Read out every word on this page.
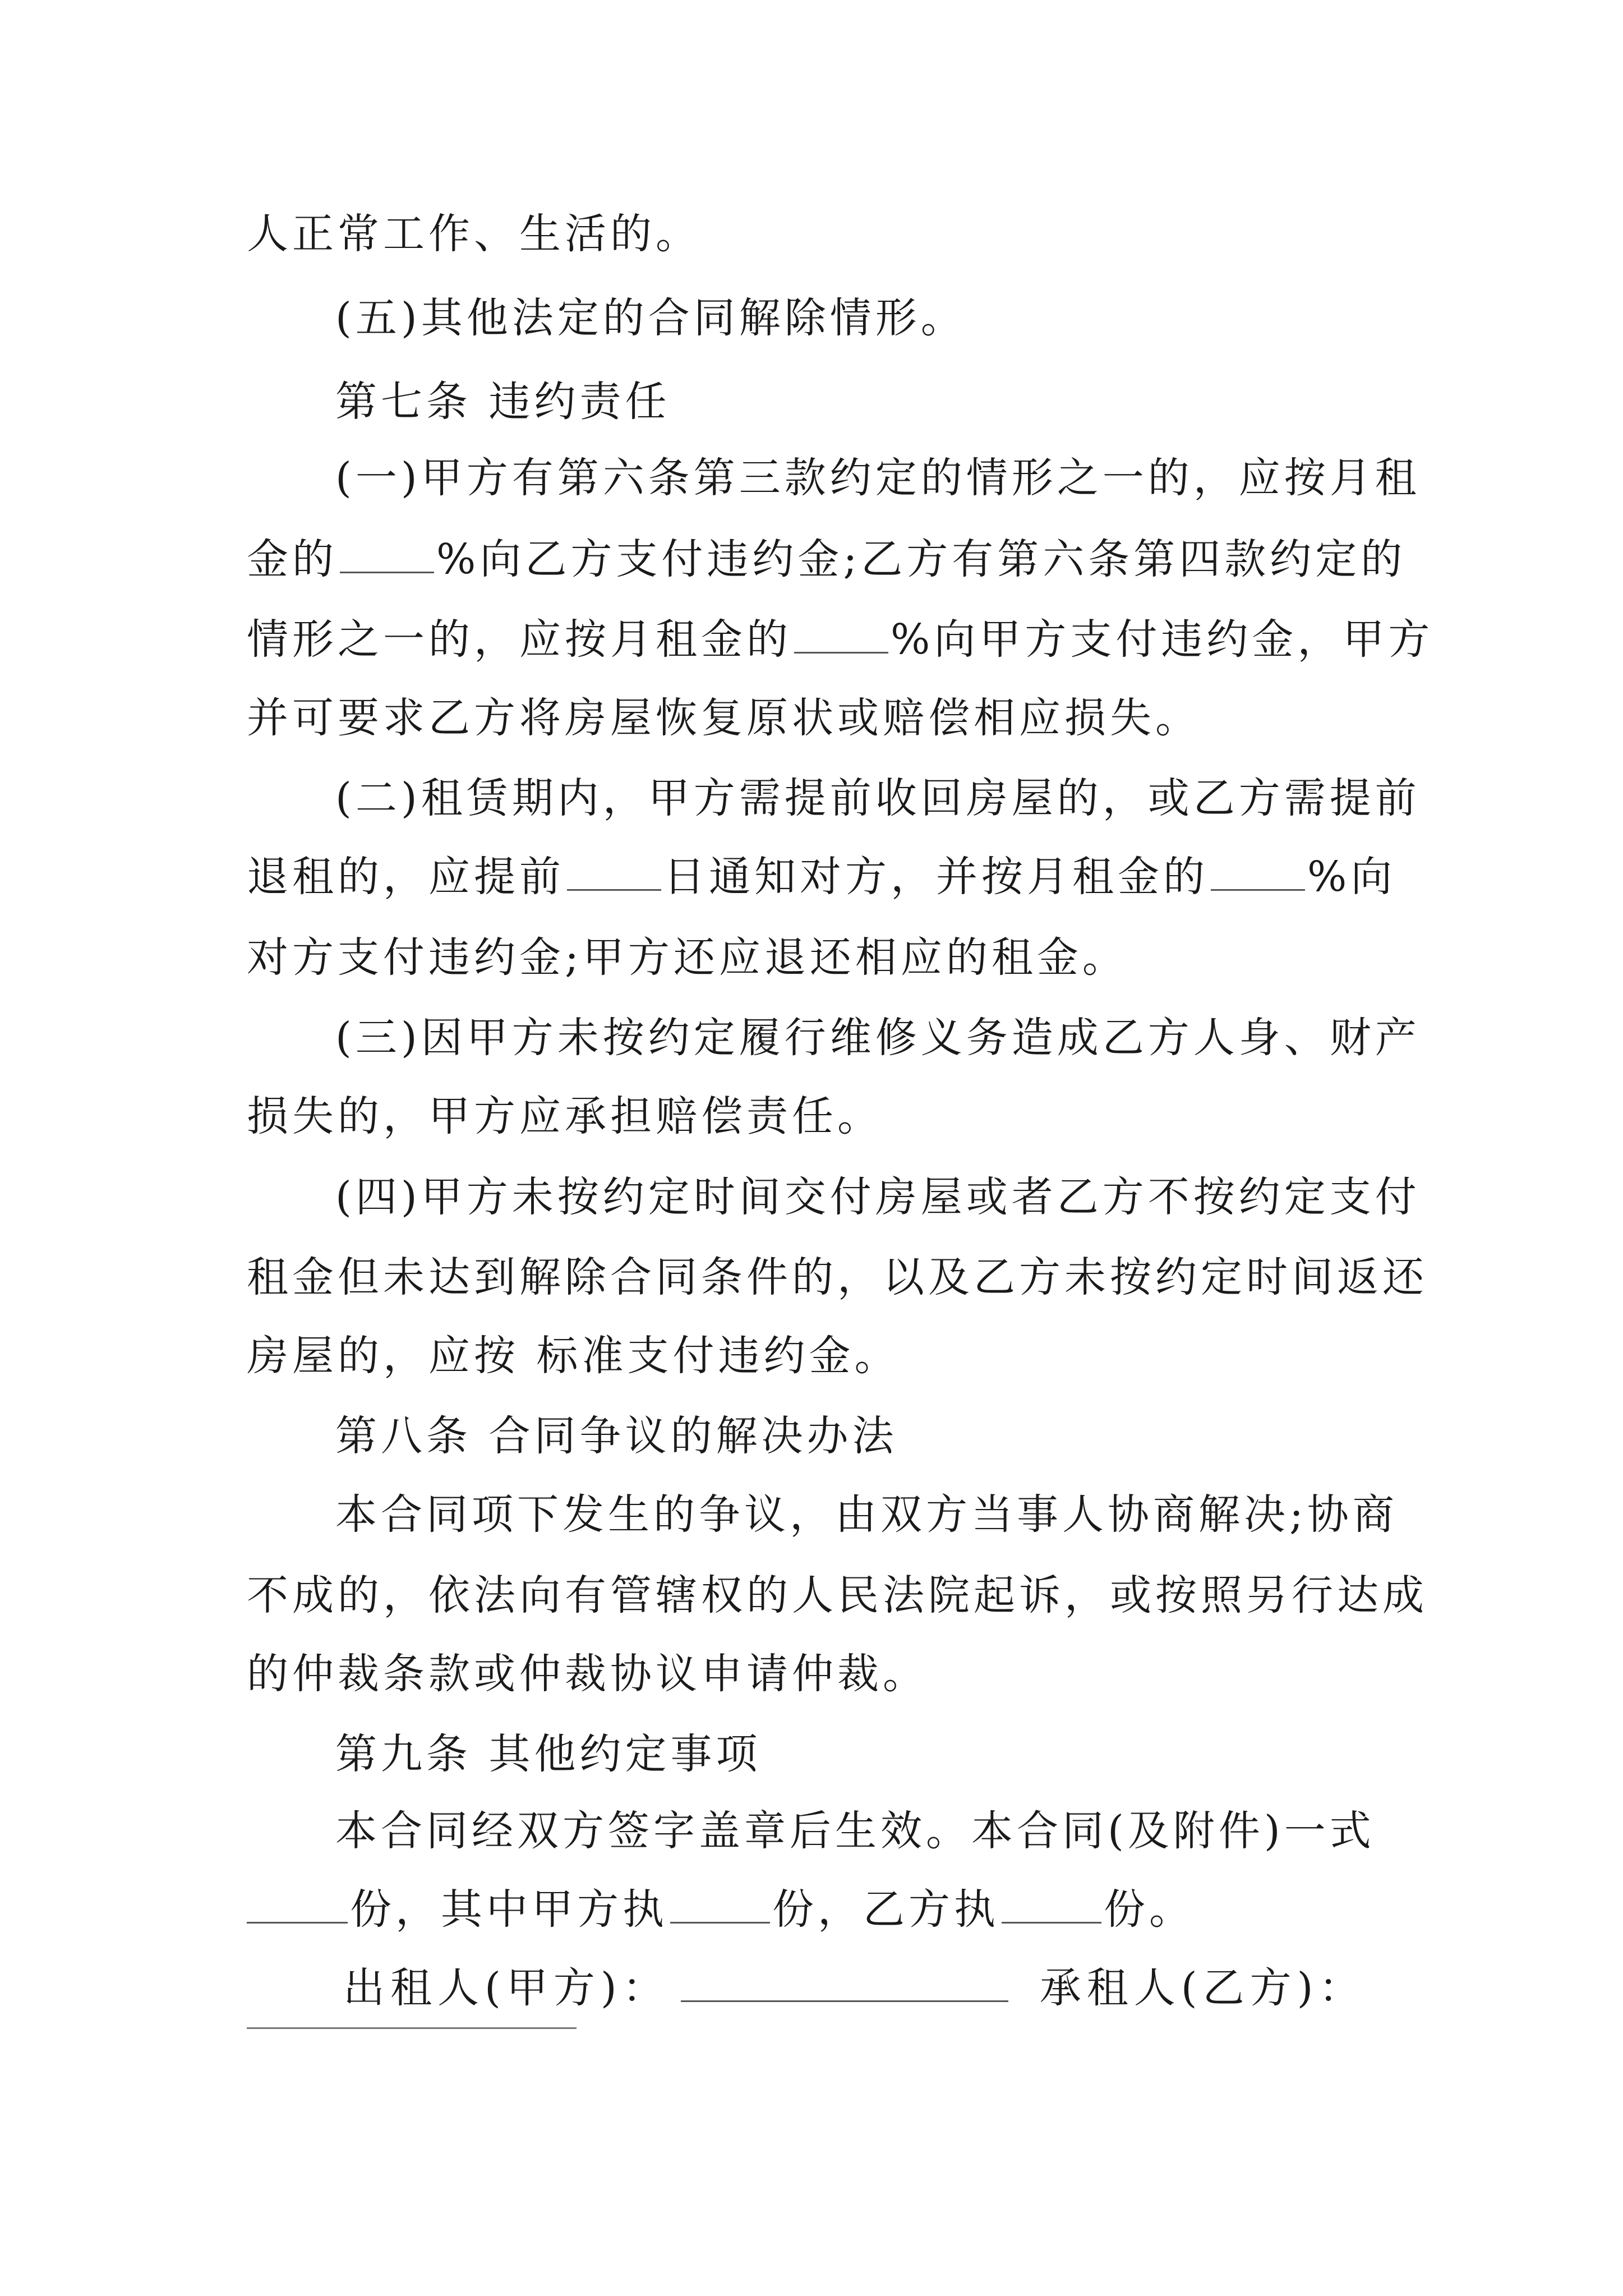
人正常工作、生活的。
(五)其他法定的合同解除情形。
第七条 违约责任
(一)甲方有第六条第三款约定的情形之一的，应按月租
金的 %向乙方支付违约金;乙方有第六条第四款约定的
情形之一的，应按月租金的 %向甲方支付违约金，甲方
并可要求乙方将房屋恢复原状或赔偿相应损失。
(二)租赁期内，甲方需提前收回房屋的，或乙方需提前
退租的，应提前 日通知对方，并按月租金的 %向
对方支付违约金;甲方还应退还相应的租金。
(三)因甲方未按约定履行维修义务造成乙方人身、财产
损失的，甲方应承担赔偿责任。
(四)甲方未按约定时间交付房屋或者乙方不按约定支付
租金但未达到解除合同条件的，以及乙方未按约定时间返还
房屋的，应按 标准支付违约金。
第八条 合同争议的解决办法
本合同项下发生的争议，由双方当事人协商解决;协商
不成的，依法向有管辖权的人民法院起诉，或按照另行达成
的仲裁条款或仲裁协议申请仲裁。
第九条 其他约定事项
本合同经双方签字盖章后生效。本合同(及附件)一式
份，其中甲方执	份，乙方执	份。
出租人(甲方)：	承租人(乙方)：
